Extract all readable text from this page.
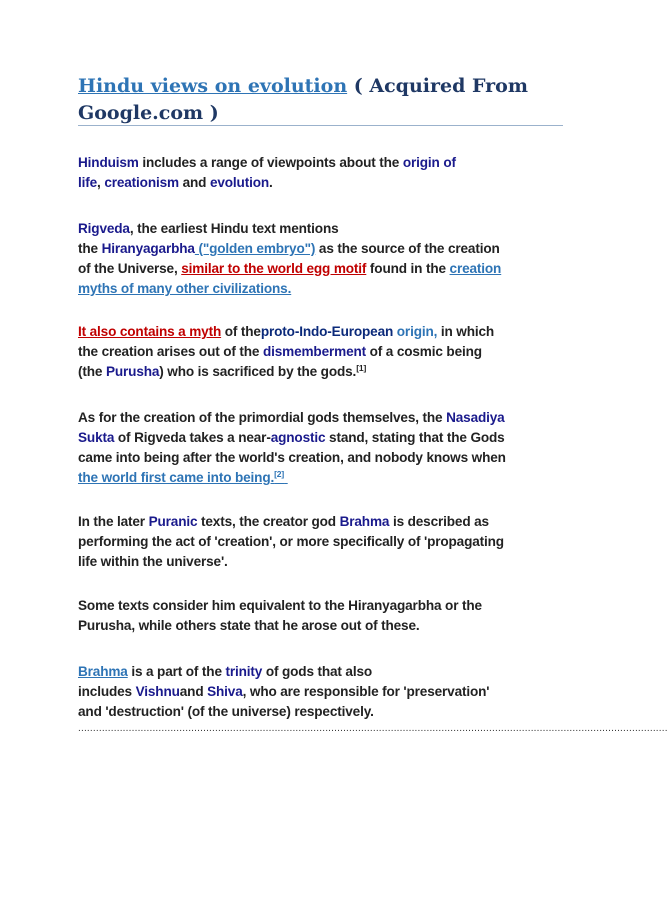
Hindu views on evolution ( Acquired From Google.com )

Hinduism includes a range of viewpoints about the origin of
life, creationism and evolution.

Rigveda, the earliest Hindu text mentions
the Hiranyagarbha ("golden embryo") as the source of the creation
of the Universe, similar to the world egg motif found in the creation
myths of many other civilizations.

It also contains a myth of theproto-Indo-European origin, in which
the creation arises out of the dismemberment of a cosmic being
(the Purusha) who is sacrificed by the gods.[1]

As for the creation of the primordial gods themselves, the Nasadiya
Sukta of Rigveda takes a near-agnostic stand, stating that the Gods
came into being after the world's creation, and nobody knows when
the world first came into being.[2]

In the later Puranic texts, the creator god Brahma is described as
performing the act of 'creation', or more specifically of 'propagating
life within the universe'.

Some texts consider him equivalent to the Hiranyagarbha or the
Purusha, while others state that he arose out of these.

Brahma is a part of the trinity of gods that also
includes Vishnuand Shiva, who are responsible for 'preservation'
and 'destruction' (of the universe) respectively.

......................................................................................................................................................................................................
